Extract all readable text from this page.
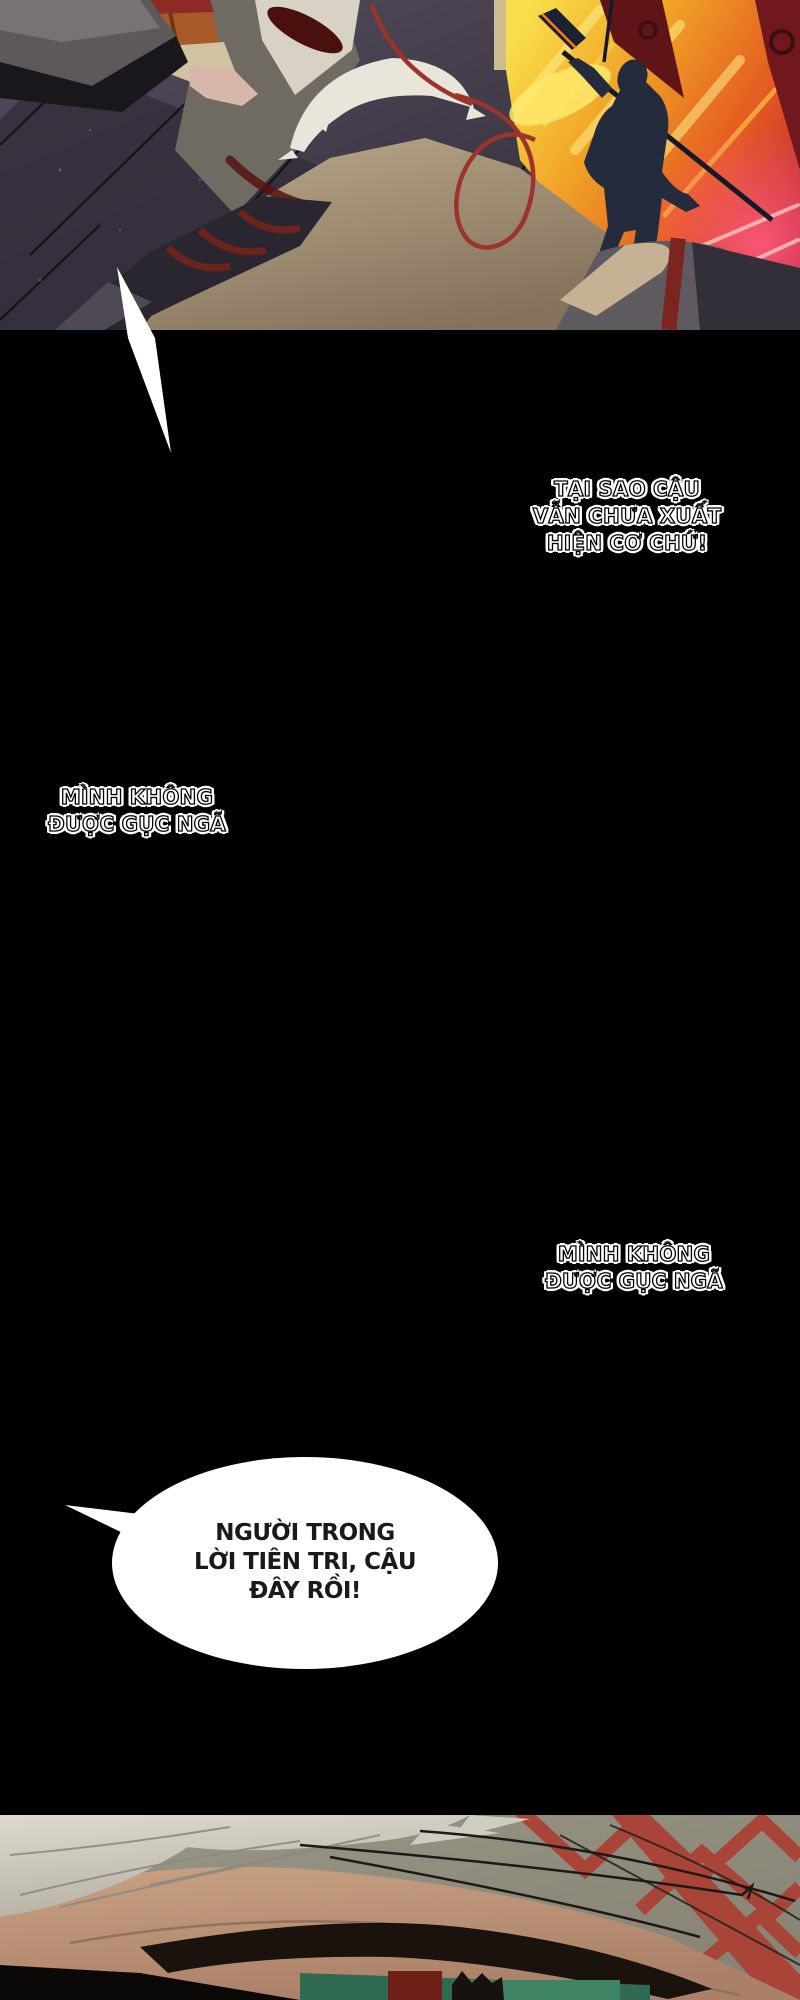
TẠI SAO CẬU
VẪN CHƯA XUẤT
HIỆN CƠ CHỨ!
MÌNH KHÔNG
ĐƯỢC GỤC NGÃ
MÌNH KHÔNG
ĐƯỢC GỤC NGÃ
NGƯỜI TRONG
LỜI TIÊN TRI, CẬU
ĐÂY RỒI!
